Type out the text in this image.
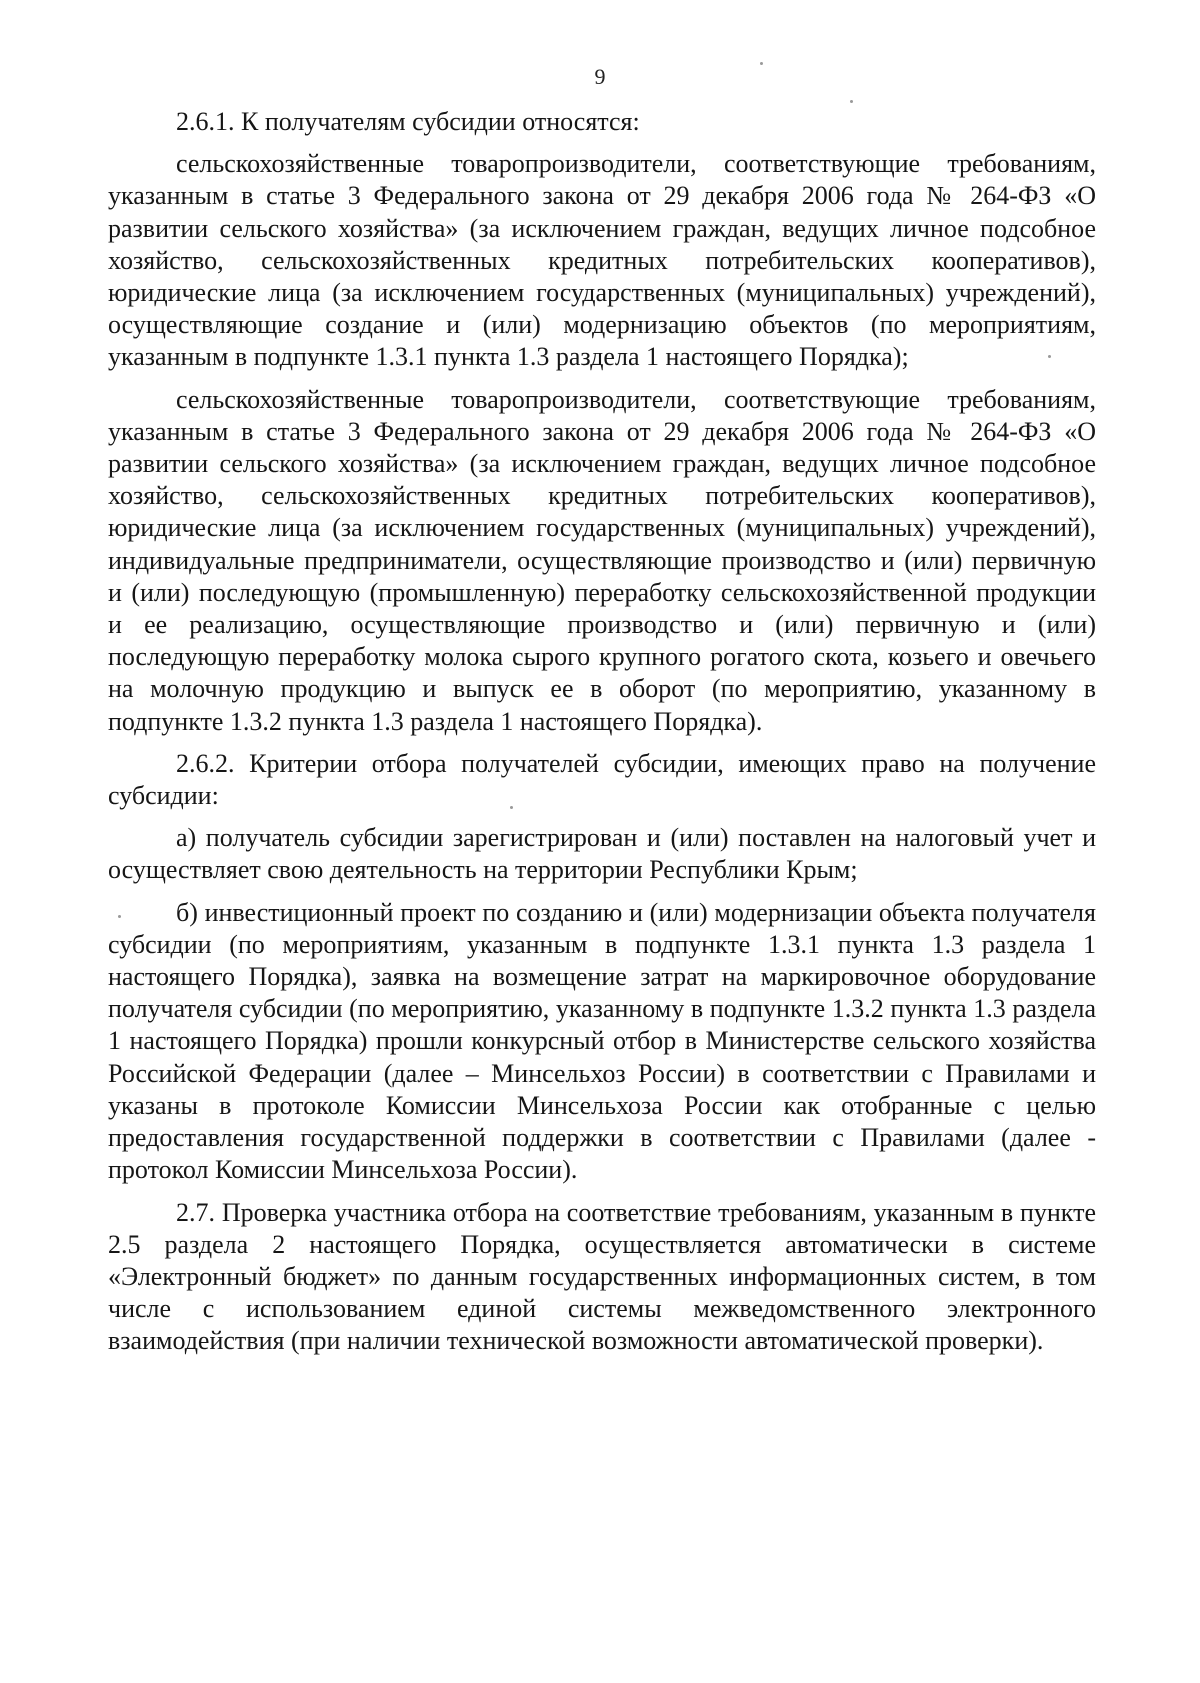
9

2.6.1. К получателям субсидии относятся:

сельскохозяйственные товаропроизводители, соответствующие требованиям, указанным в статье 3 Федерального закона от 29 декабря 2006 года № 264-ФЗ «О развитии сельского хозяйства» (за исключением граждан, ведущих личное подсобное хозяйство, сельскохозяйственных кредитных потребительских кооперативов), юридические лица (за исключением государственных (муниципальных) учреждений), осуществляющие создание и (или) модернизацию объектов (по мероприятиям, указанным в подпункте 1.3.1 пункта 1.3 раздела 1 настоящего Порядка);

сельскохозяйственные товаропроизводители, соответствующие требованиям, указанным в статье 3 Федерального закона от 29 декабря 2006 года № 264-ФЗ «О развитии сельского хозяйства» (за исключением граждан, ведущих личное подсобное хозяйство, сельскохозяйственных кредитных потребительских кооперативов), юридические лица (за исключением государственных (муниципальных) учреждений), индивидуальные предприниматели, осуществляющие производство и (или) первичную и (или) последующую (промышленную) переработку сельскохозяйственной продукции и ее реализацию, осуществляющие производство и (или) первичную и (или) последующую переработку молока сырого крупного рогатого скота, козьего и овечьего на молочную продукцию и выпуск ее в оборот (по мероприятию, указанному в подпункте 1.3.2 пункта 1.3 раздела 1 настоящего Порядка).

2.6.2. Критерии отбора получателей субсидии, имеющих право на получение субсидии:

а) получатель субсидии зарегистрирован и (или) поставлен на налоговый учет и осуществляет свою деятельность на территории Республики Крым;

б) инвестиционный проект по созданию и (или) модернизации объекта получателя субсидии (по мероприятиям, указанным в подпункте 1.3.1 пункта 1.3 раздела 1 настоящего Порядка), заявка на возмещение затрат на маркировочное оборудование получателя субсидии (по мероприятию, указанному в подпункте 1.3.2 пункта 1.3 раздела 1 настоящего Порядка) прошли конкурсный отбор в Министерстве сельского хозяйства Российской Федерации (далее – Минсельхоз России) в соответствии с Правилами и указаны в протоколе Комиссии Минсельхоза России как отобранные с целью предоставления государственной поддержки в соответствии с Правилами (далее - протокол Комиссии Минсельхоза России).

2.7. Проверка участника отбора на соответствие требованиям, указанным в пункте 2.5 раздела 2 настоящего Порядка, осуществляется автоматически в системе «Электронный бюджет» по данным государственных информационных систем, в том числе с использованием единой системы межведомственного электронного взаимодействия (при наличии технической возможности автоматической проверки).
